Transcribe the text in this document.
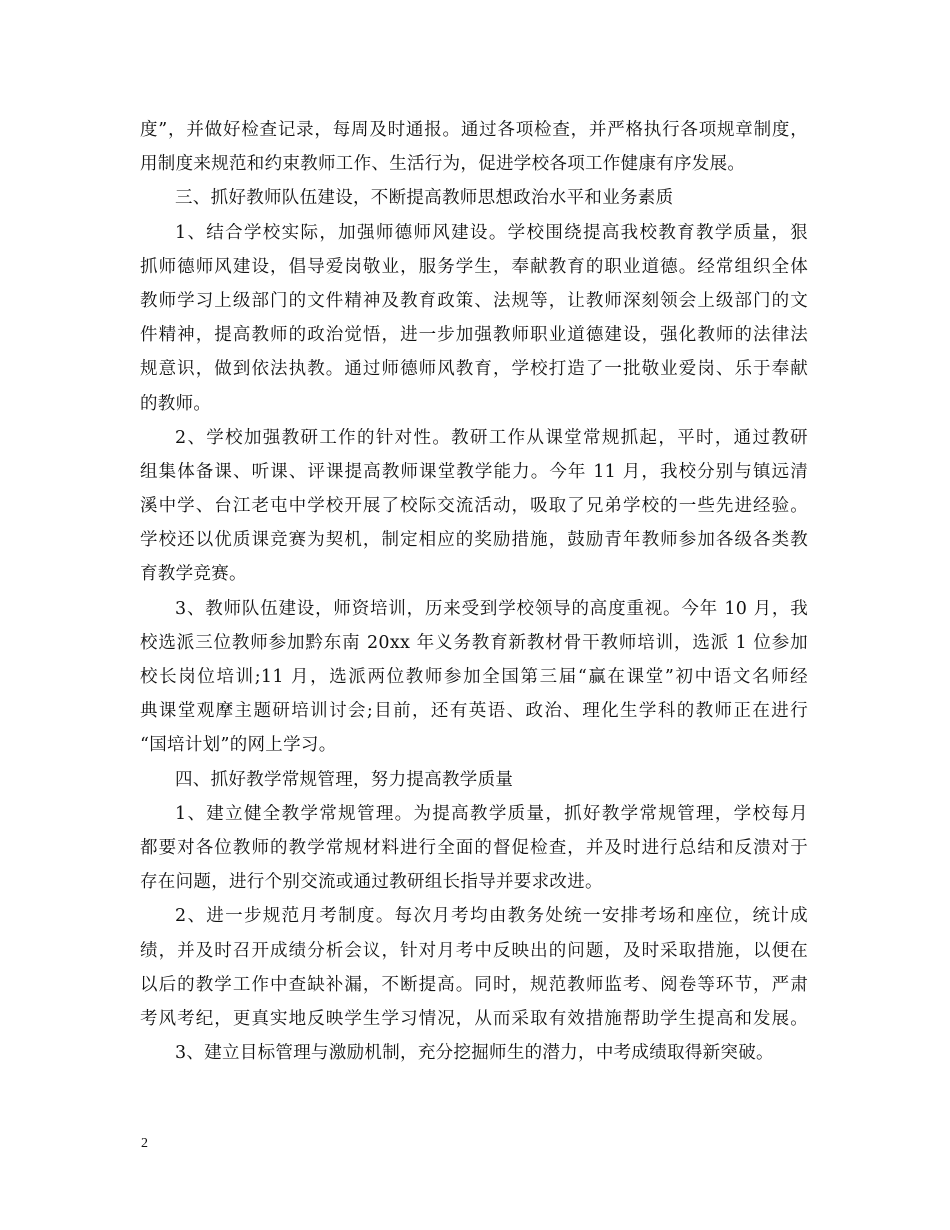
度”，并做好检查记录，每周及时通报。通过各项检查，并严格执行各项规章制度，
用制度来规范和约束教师工作、生活行为，促进学校各项工作健康有序发展。
三、抓好教师队伍建设，不断提高教师思想政治水平和业务素质
1、结合学校实际，加强师德师风建设。学校围绕提高我校教育教学质量，狠
抓师德师风建设，倡导爱岗敬业，服务学生，奉献教育的职业道德。经常组织全体
教师学习上级部门的文件精神及教育政策、法规等，让教师深刻领会上级部门的文
件精神，提高教师的政治觉悟，进一步加强教师职业道德建设，强化教师的法律法
规意识，做到依法执教。通过师德师风教育，学校打造了一批敬业爱岗、乐于奉献
的教师。
2、学校加强教研工作的针对性。教研工作从课堂常规抓起，平时，通过教研
组集体备课、听课、评课提高教师课堂教学能力。今年 11 月，我校分别与镇远清
溪中学、台江老屯中学校开展了校际交流活动，吸取了兄弟学校的一些先进经验。
学校还以优质课竞赛为契机，制定相应的奖励措施，鼓励青年教师参加各级各类教
育教学竞赛。
3、教师队伍建设，师资培训，历来受到学校领导的高度重视。今年 10 月，我
校选派三位教师参加黔东南 20xx 年义务教育新教材骨干教师培训，选派 1 位参加
校长岗位培训;11 月，选派两位教师参加全国第三届“赢在课堂”初中语文名师经
典课堂观摩主题研培训讨会;目前，还有英语、政治、理化生学科的教师正在进行
“国培计划”的网上学习。
四、抓好教学常规管理，努力提高教学质量
1、建立健全教学常规管理。为提高教学质量，抓好教学常规管理，学校每月
都要对各位教师的教学常规材料进行全面的督促检查，并及时进行总结和反溃对于
存在问题，进行个别交流或通过教研组长指导并要求改进。
2、进一步规范月考制度。每次月考均由教务处统一安排考场和座位，统计成
绩，并及时召开成绩分析会议，针对月考中反映出的问题，及时采取措施，以便在
以后的教学工作中查缺补漏，不断提高。同时，规范教师监考、阅卷等环节，严肃
考风考纪，更真实地反映学生学习情况，从而采取有效措施帮助学生提高和发展。
3、建立目标管理与激励机制，充分挖掘师生的潜力，中考成绩取得新突破。
2
